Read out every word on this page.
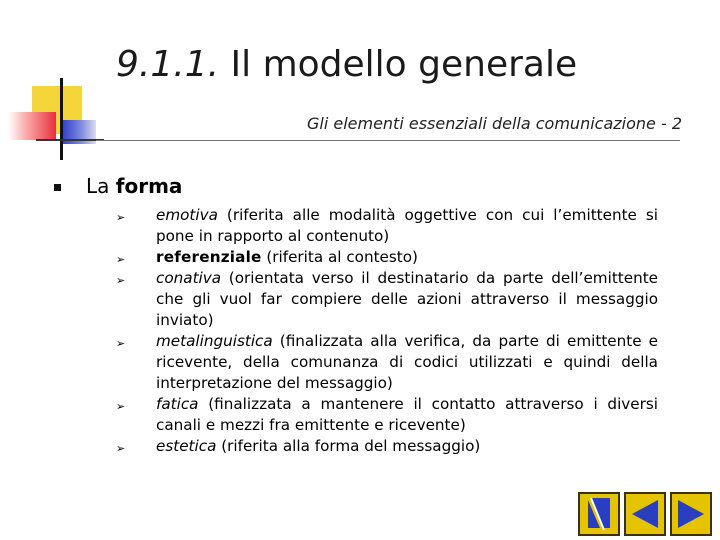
9.1.1. Il modello generale
Gli elementi essenziali della comunicazione - 2
La forma
➢ emotiva (riferita alle modalità oggettive con cui l’emittente si pone in rapporto al contenuto)
➢ referenziale (riferita al contesto)
➢ conativa (orientata verso il destinatario da parte dell’emittente che gli vuol far compiere delle azioni attraverso il messaggio inviato)
➢ metalinguistica (finalizzata alla verifica, da parte di emittente e ricevente, della comunanza di codici utilizzati e quindi della interpretazione del messaggio)
➢ fatica (finalizzata a mantenere il contatto attraverso i diversi canali e mezzi fra emittente e ricevente)
➢ estetica (riferita alla forma del messaggio)
